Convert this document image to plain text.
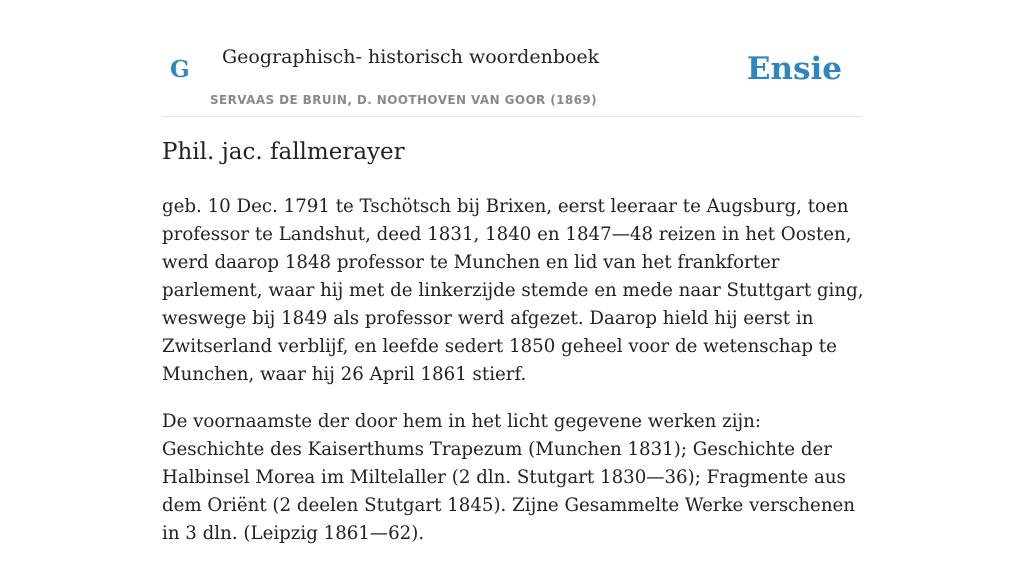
G Geographisch- historisch woordenboek
SERVAAS DE BRUIN, D. NOOTHOVEN VAN GOOR (1869)
Ensie
Phil. jac. fallmerayer

geb. 10 Dec. 1791 te Tschötsch bij Brixen, eerst leeraar te Augsburg, toen professor te Landshut, deed 1831, 1840 en 1847—48 reizen in het Oosten, werd daarop 1848 professor te Munchen en lid van het frankforter parlement, waar hij met de linkerzijde stemde en mede naar Stuttgart ging, weswege bij 1849 als professor werd afgezet. Daarop hield hij eerst in Zwitserland verblijf, en leefde sedert 1850 geheel voor de wetenschap te Munchen, waar hij 26 April 1861 stierf.

De voornaamste der door hem in het licht gegevene werken zijn: Geschichte des Kaiserthums Trapezum (Munchen 1831); Geschichte der Halbinsel Morea im Miltelaller (2 dln. Stutgart 1830—36); Fragmente aus dem Oriënt (2 deelen Stutgart 1845). Zijne Gesammelte Werke verschenen in 3 dln. (Leipzig 1861—62).
